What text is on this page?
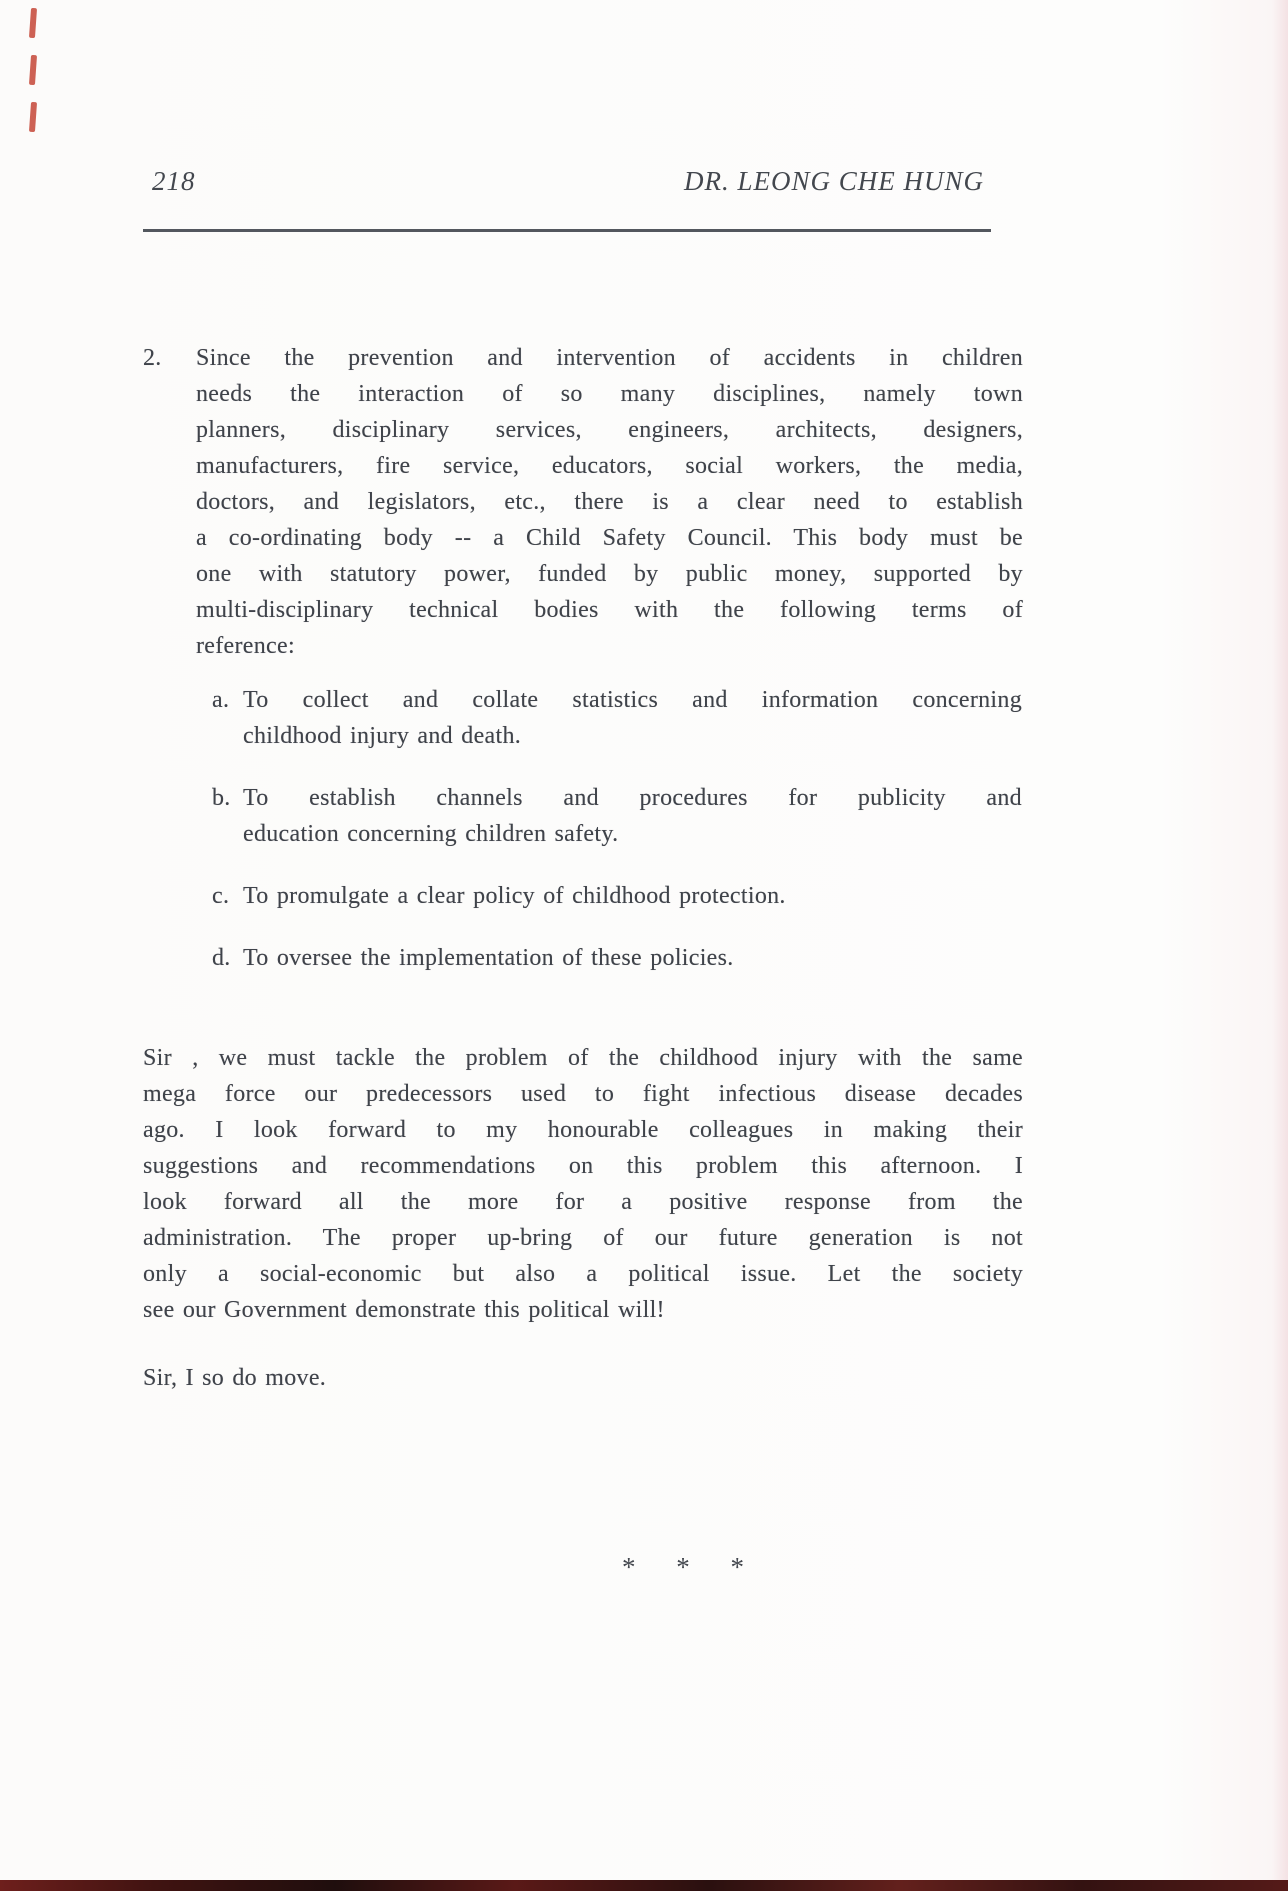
218	DR. LEONG CHE HUNG
2.	Since the prevention and intervention of accidents in children
needs the interaction of so many disciplines, namely town
planners, disciplinary services, engineers, architects, designers,
manufacturers, fire service, educators, social workers, the media,
doctors, and legislators, etc., there is a clear need to establish
a co-ordinating body -- a Child Safety Council. This body must be
one with statutory power, funded by public money, supported by
multi-disciplinary technical bodies with the following terms of
reference:
a. To collect and collate statistics and information concerning
childhood injury and death.
b. To establish channels and procedures for publicity and
education concerning children safety.
c. To promulgate a clear policy of childhood protection.
d. To oversee the implementation of these policies.
Sir , we must tackle the problem of the childhood injury with the same
mega force our predecessors used to fight infectious disease decades
ago. I look forward to my honourable colleagues in making their
suggestions and recommendations on this problem this afternoon. I
look forward all the more for a positive response from the
administration. The proper up-bring of our future generation is not
only a social-economic but also a political issue. Let the society
see our Government demonstrate this political will!

Sir, I so do move.

* * *
